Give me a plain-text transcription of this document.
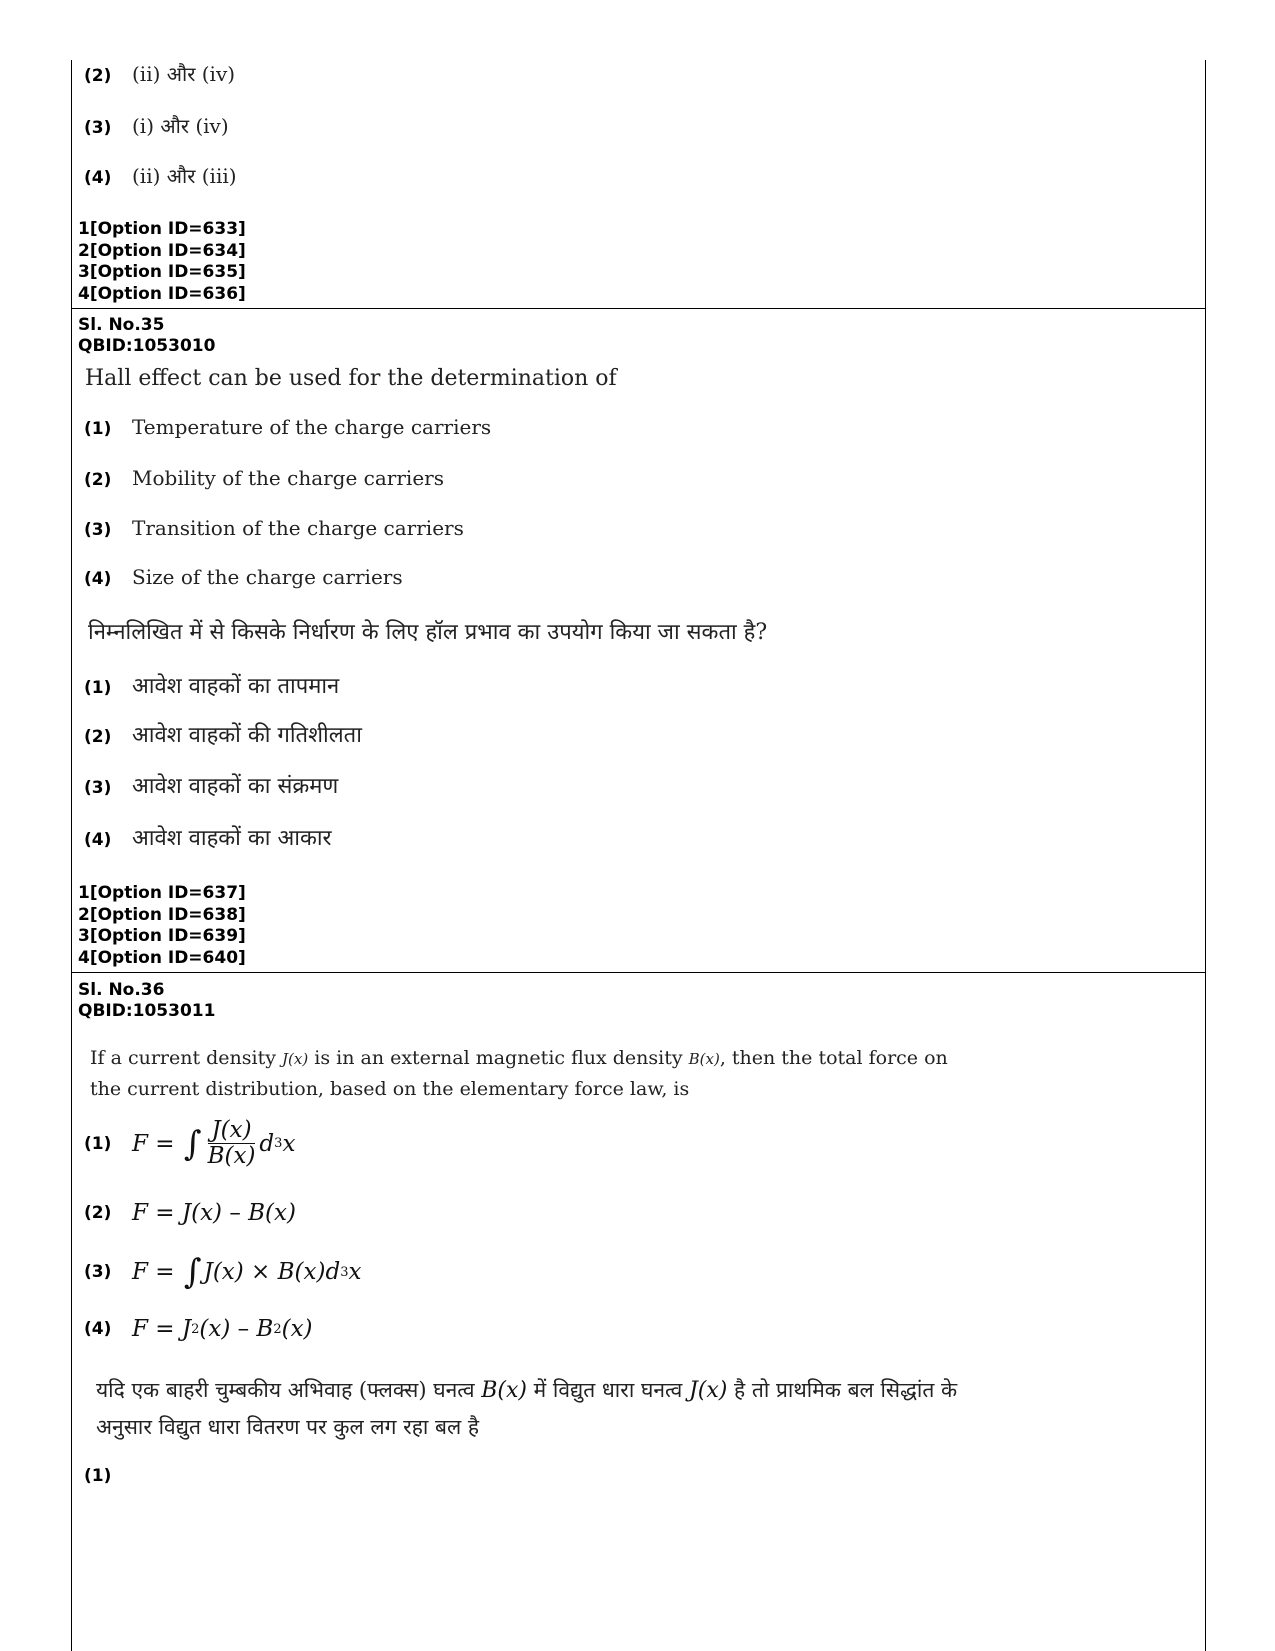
(2)	(ii) और (iv)
(3)	(i) और (iv)
(4)	(ii) और (iii)
1[Option ID=633]
2[Option ID=634]
3[Option ID=635]
4[Option ID=636]
Sl. No.35
QBID:1053010
Hall effect can be used for the determination of
(1)	Temperature of the charge carriers
(2)	Mobility of the charge carriers
(3)	Transition of the charge carriers
(4)	Size of the charge carriers
निम्नलिखित में से किसके निर्धारण के लिए हॉल प्रभाव का उपयोग किया जा सकता है?
(1) आवेश वाहकों का तापमान
(2) आवेश वाहकों की गतिशीलता
(3) आवेश वाहकों का संक्रमण
(4) आवेश वाहकों का आकार
1[Option ID=637]
2[Option ID=638]
3[Option ID=639]
4[Option ID=640]
Sl. No.36
QBID:1053011
If a current density J(x) is in an external magnetic flux density B(x), then the total force on
the current distribution, based on the elementary force law, is
(1) F =
∫ $\frac{J(x)}{B(x)}$ d 3 x
(2) F = J(x) – B(x)
(3) F =
∫ J(x) × B(x)d 3 x
(4) F = J 2 (x) – B 2 (x)
यदि एक बाहरी चुम्बकीय अभिवाह (फ्लक्स) घनत्व B(x) में विद्युत धारा घनत्व J(x) है तो प्राथमिक बल सिद्धांत के
अनुसार विद्युत धारा वितरण पर कुल लग रहा बल है
(1)
